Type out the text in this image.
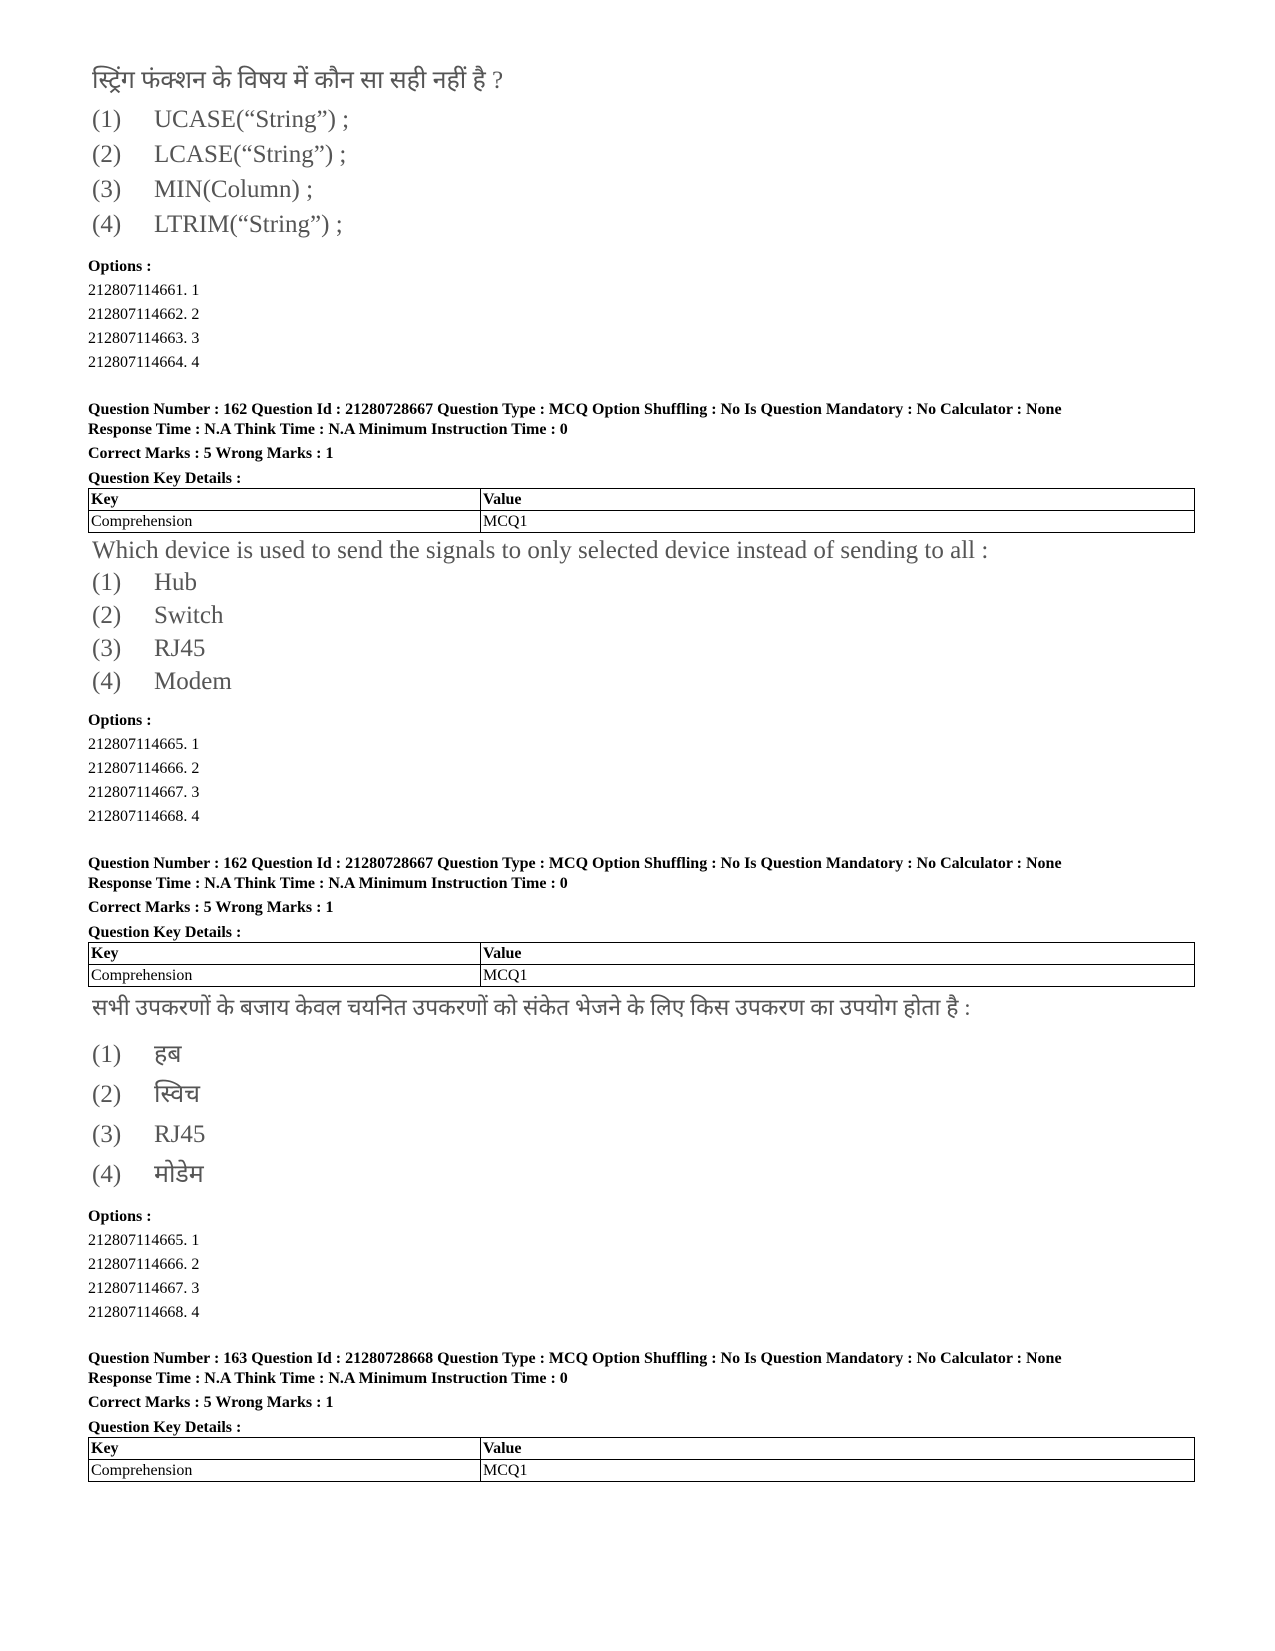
स्ट्रिंग फंक्शन के विषय में कौन सा सही नहीं है ?
(1)	UCASE(“String”) ;
(2)	LCASE(“String”) ;
(3)	MIN(Column) ;
(4)	LTRIM(“String”) ;
Options :
212807114661. 1
212807114662. 2
212807114663. 3
212807114664. 4
Question Number : 162 Question Id : 21280728667 Question Type : MCQ Option Shuffling : No Is Question Mandatory : No Calculator : None
Response Time : N.A Think Time : N.A Minimum Instruction Time : 0
Correct Marks : 5 Wrong Marks : 1
Question Key Details :
Key	Value
Comprehension	MCQ1
Which device is used to send the signals to only selected device instead of sending to all :
(1)	Hub
(2)	Switch
(3)	RJ45
(4)	Modem
Options :
212807114665. 1
212807114666. 2
212807114667. 3
212807114668. 4
Question Number : 162 Question Id : 21280728667 Question Type : MCQ Option Shuffling : No Is Question Mandatory : No Calculator : None
Response Time : N.A Think Time : N.A Minimum Instruction Time : 0
Correct Marks : 5 Wrong Marks : 1
Question Key Details :
Key	Value
Comprehension	MCQ1
सभी उपकरणों के बजाय केवल चयनित उपकरणों को संकेत भेजने के लिए किस उपकरण का उपयोग होता है :
(1)	हब
(2)	स्विच
(3)	RJ45
(4)	मोडेम
Options :
212807114665. 1
212807114666. 2
212807114667. 3
212807114668. 4
Question Number : 163 Question Id : 21280728668 Question Type : MCQ Option Shuffling : No Is Question Mandatory : No Calculator : None
Response Time : N.A Think Time : N.A Minimum Instruction Time : 0
Correct Marks : 5 Wrong Marks : 1
Question Key Details :
Key	Value
Comprehension	MCQ1
